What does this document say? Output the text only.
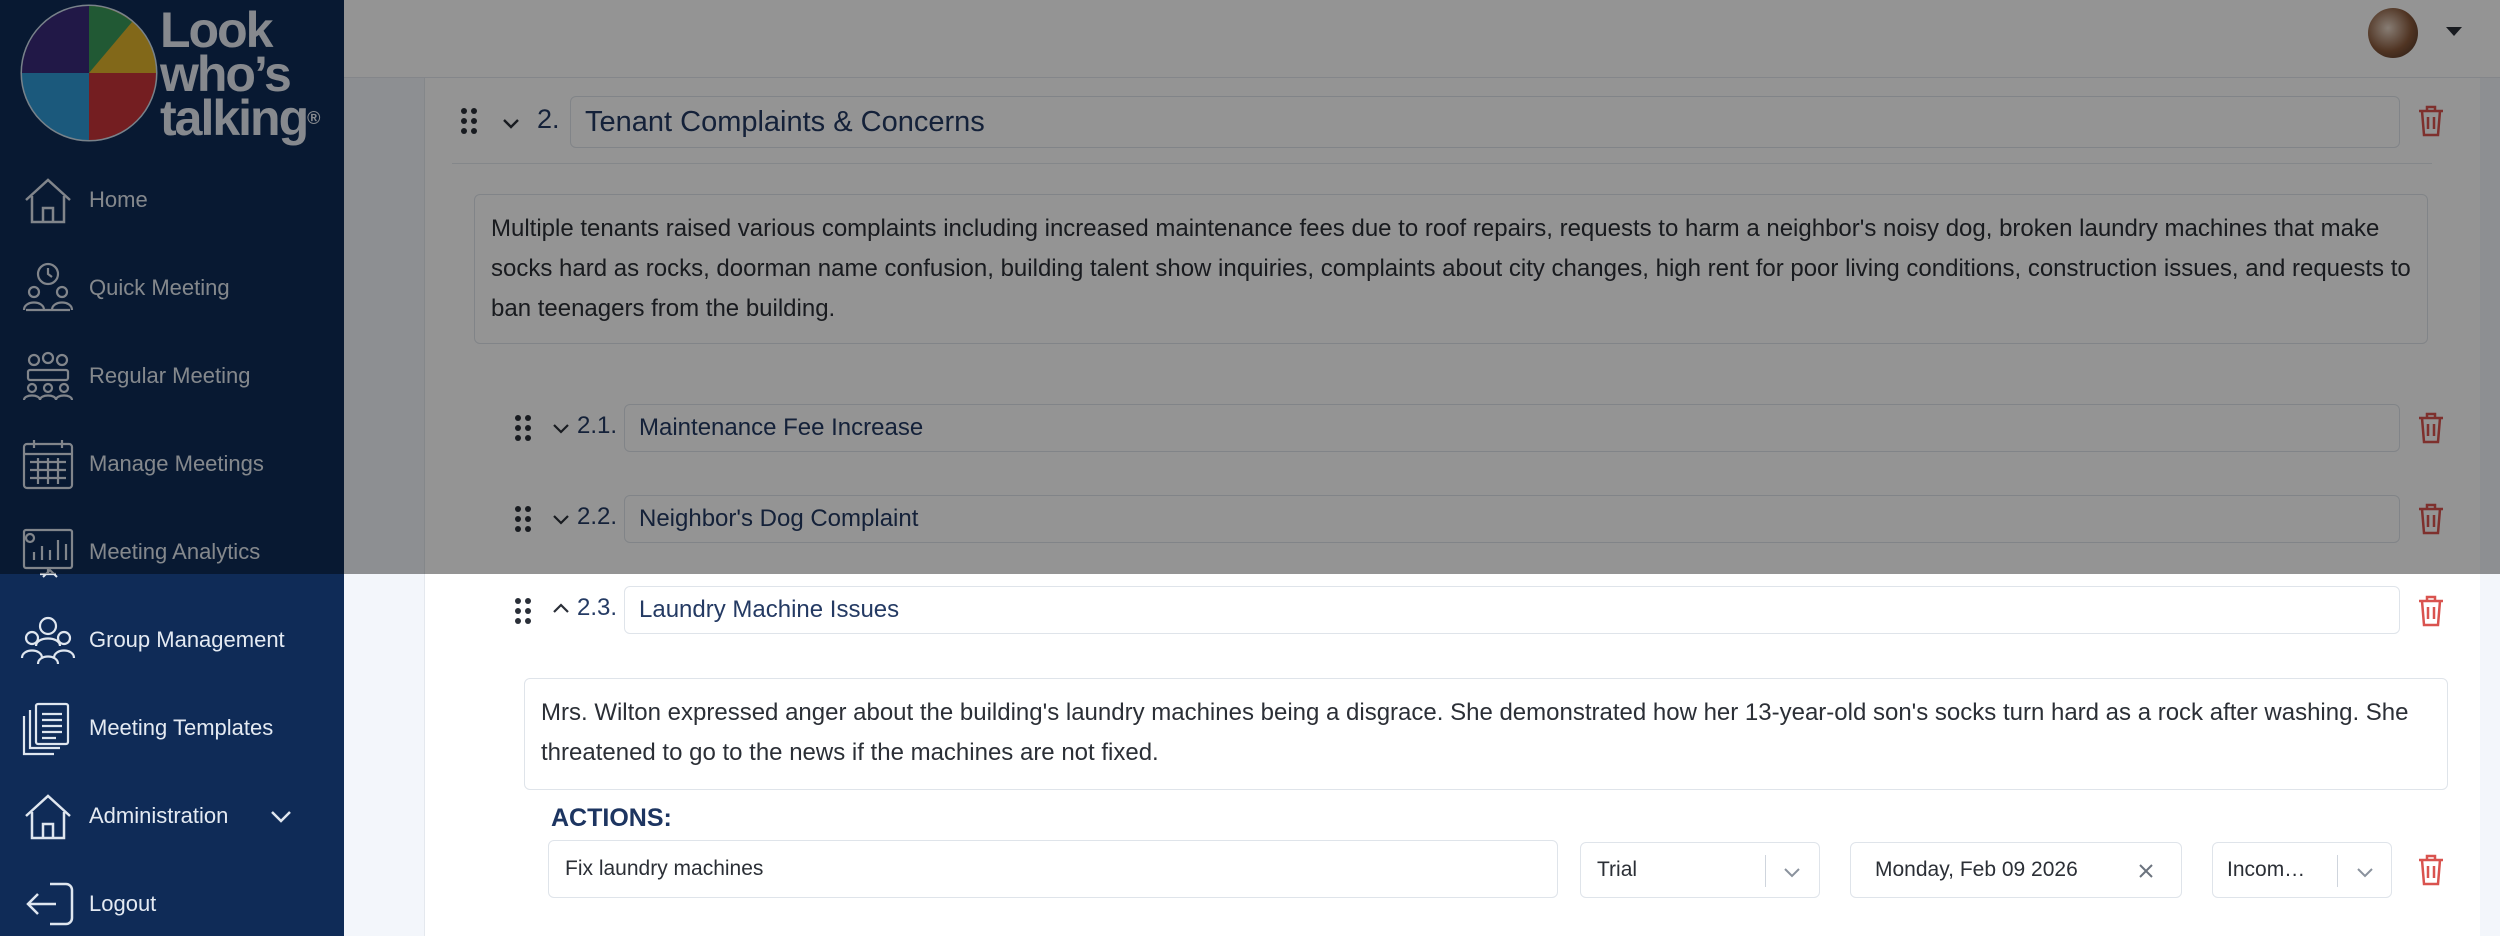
Look
who’s
talking®
Home
Quick Meeting
Regular Meeting
Manage Meetings
Meeting Analytics
Group Management
Meeting Templates
Administration
Logout
2. Tenant Complaints & Concerns
Multiple tenants raised various complaints including increased maintenance fees due to roof repairs, requests to harm a neighbor's noisy dog, broken laundry machines that make socks hard as rocks, doorman name confusion, building talent show inquiries, complaints about city changes, high rent for poor living conditions, construction issues, and requests to ban teenagers from the building.
2.1. Maintenance Fee Increase
2.2. Neighbor's Dog Complaint
2.3. Laundry Machine Issues
Mrs. Wilton expressed anger about the building's laundry machines being a disgrace. She demonstrated how her 13-year-old son's socks turn hard as a rock after washing. She threatened to go to the news if the machines are not fixed.
ACTIONS:
Fix laundry machines	Trial	Monday, Feb 09 2026	Incom…
